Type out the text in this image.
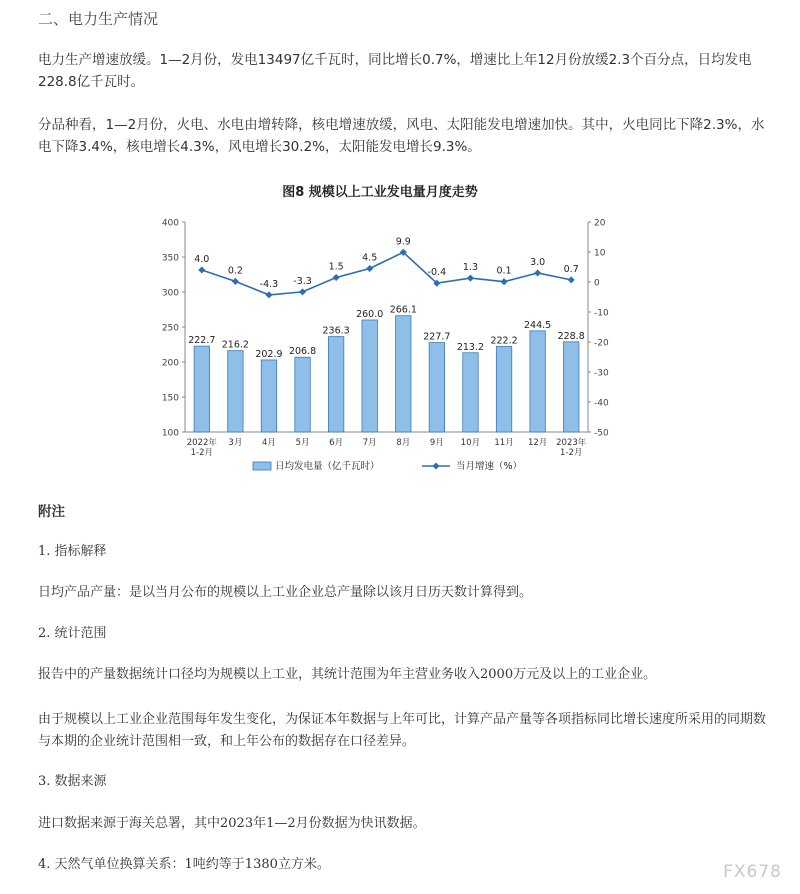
二、电力生产情况

电力生产增速放缓。1—2月份，发电13497亿千瓦时，同比增长0.7%，增速比上年12月份放缓2.3个百分点，日均发电228.8亿千瓦时。

分品种看，1—2月份，火电、水电由增转降，核电增速放缓，风电、太阳能发电增速加快。其中，火电同比下降2.3%，水电下降3.4%，核电增长4.3%，风电增长30.2%，太阳能发电增长9.3%。

图8 规模以上工业发电量月度走势
100
150
200
250
300
350
400
-50
-40
-30
-20
-10
0
10
20
222.7 216.2
202.9 206.8
236.3
260.0 266.1
227.7
213.2
222.2
244.5
228.8
4.0
0.2
-4.3 -3.3
1.5
4.5
9.9
-0.4 1.3 0.1
3.0
0.7
2022年
1-2月
3月 4月 5月 6月 7月 8月 9月 10月 11月 12月 2023年
1-2月
日均发电量（亿千瓦时）	当月增速（%）

附注

1. 指标解释

日均产品产量：是以当月公布的规模以上工业企业总产量除以该月日历天数计算得到。

2. 统计范围

报告中的产量数据统计口径均为规模以上工业，其统计范围为年主营业务收入2000万元及以上的工业企业。

由于规模以上工业企业范围每年发生变化，为保证本年数据与上年可比，计算产品产量等各项指标同比增长速度所采用的同期数与本期的企业统计范围相一致，和上年公布的数据存在口径差异。

3. 数据来源

进口数据来源于海关总署，其中2023年1—2月份数据为快讯数据。

4. 天然气单位换算关系：1吨约等于1380立方米。	FX678
